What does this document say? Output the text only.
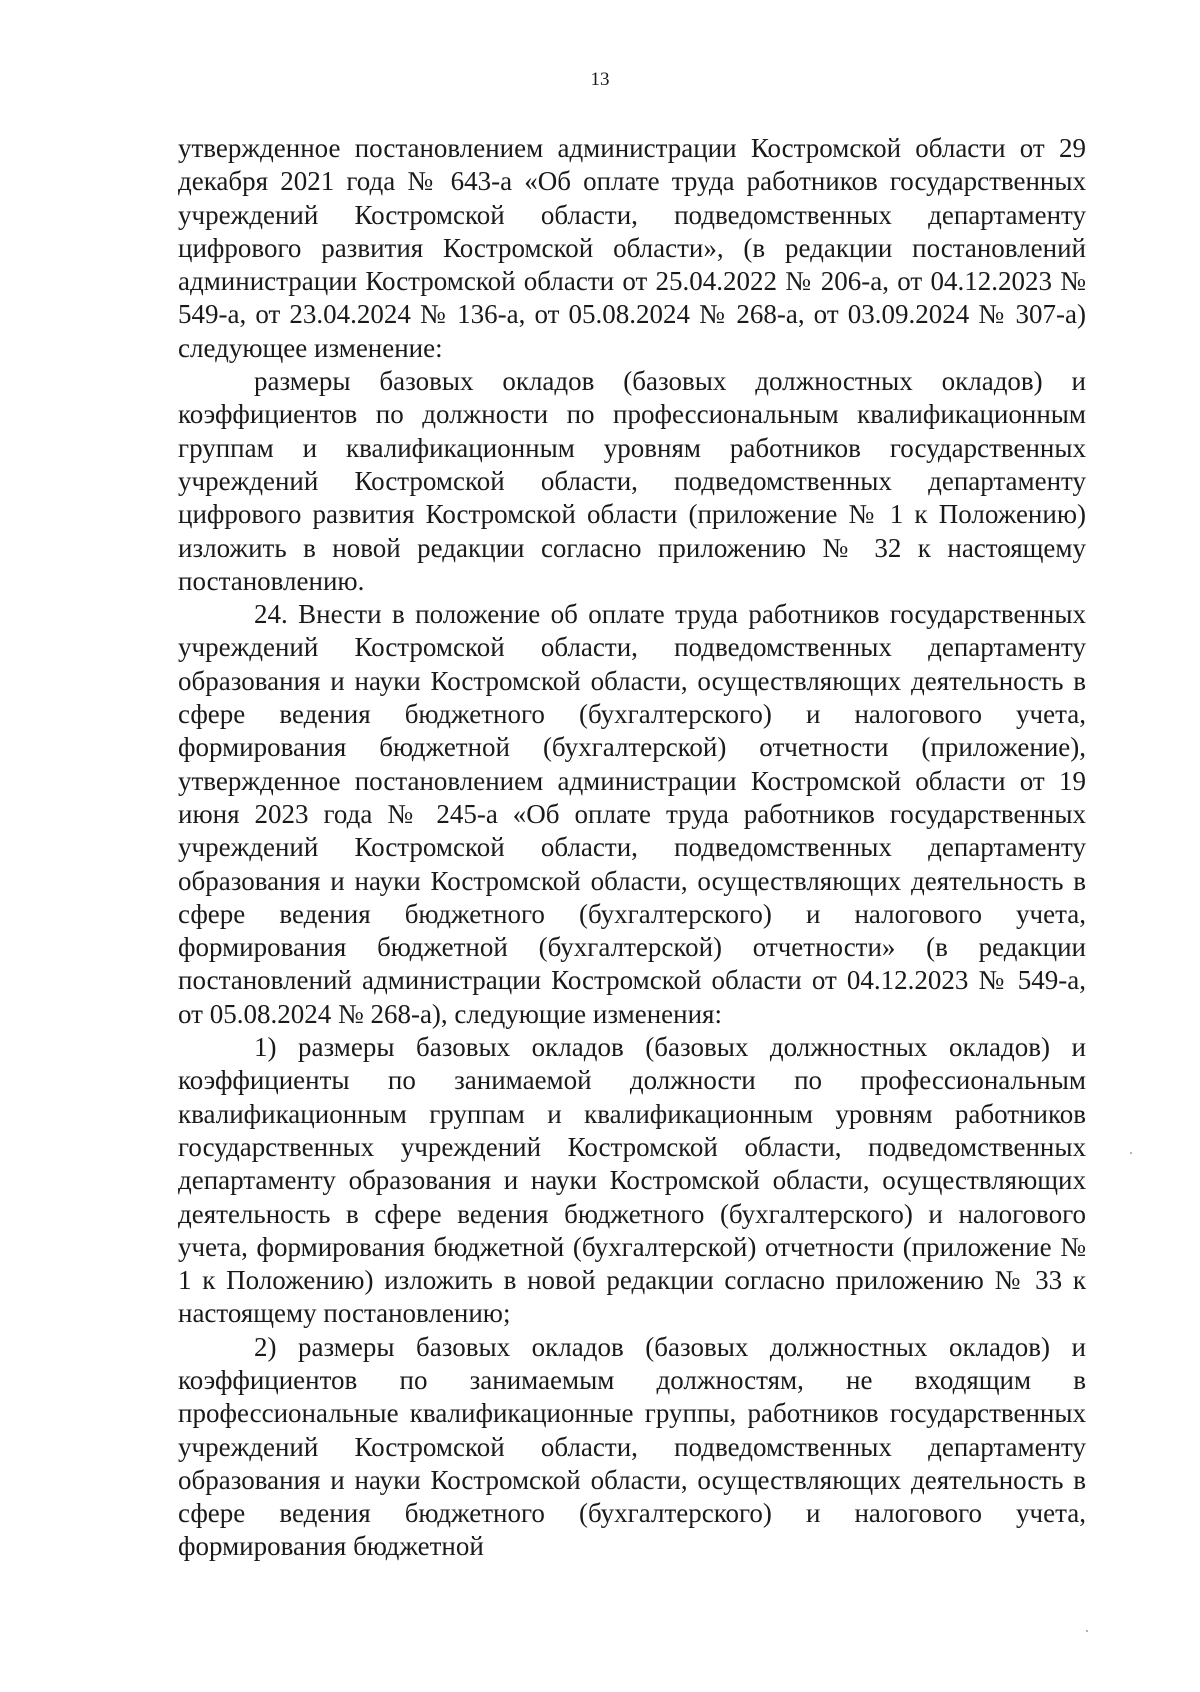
13

утвержденное постановлением администрации Костромской области от 29 декабря 2021 года № 643-а «Об оплате труда работников государственных учреждений Костромской области, подведомственных департаменту цифрового развития Костромской области», (в редакции постановлений администрации Костромской области от 25.04.2022 № 206-а, от 04.12.2023 № 549-а, от 23.04.2024 № 136-а, от 05.08.2024 № 268-а, от 03.09.2024 № 307-а) следующее изменение:

размеры базовых окладов (базовых должностных окладов) и коэффициентов по должности по профессиональным квалификационным группам и квалификационным уровням работников государственных учреждений Костромской области, подведомственных департаменту цифрового развития Костромской области (приложение № 1 к Положению) изложить в новой редакции согласно приложению № 32 к настоящему постановлению.

24. Внести в положение об оплате труда работников государственных учреждений Костромской области, подведомственных департаменту образования и науки Костромской области, осуществляющих деятельность в сфере ведения бюджетного (бухгалтерского) и налогового учета, формирования бюджетной (бухгалтерской) отчетности (приложение), утвержденное постановлением администрации Костромской области от 19 июня 2023 года № 245-а «Об оплате труда работников государственных учреждений Костромской области, подведомственных департаменту образования и науки Костромской области, осуществляющих деятельность в сфере ведения бюджетного (бухгалтерского) и налогового учета, формирования бюджетной (бухгалтерской) отчетности» (в редакции постановлений администрации Костромской области от 04.12.2023 № 549-а, от 05.08.2024 № 268-а), следующие изменения:

1) размеры базовых окладов (базовых должностных окладов) и коэффициенты по занимаемой должности по профессиональным квалификационным группам и квалификационным уровням работников государственных учреждений Костромской области, подведомственных департаменту образования и науки Костромской области, осуществляющих деятельность в сфере ведения бюджетного (бухгалтерского) и налогового учета, формирования бюджетной (бухгалтерской) отчетности (приложение № 1 к Положению) изложить в новой редакции согласно приложению № 33 к настоящему постановлению;

2) размеры базовых окладов (базовых должностных окладов) и коэффициентов по занимаемым должностям, не входящим в профессиональные квалификационные группы, работников государственных учреждений Костромской области, подведомственных департаменту образования и науки Костромской области, осуществляющих деятельность в сфере ведения бюджетного (бухгалтерского) и налогового учета, формирования бюджетной
